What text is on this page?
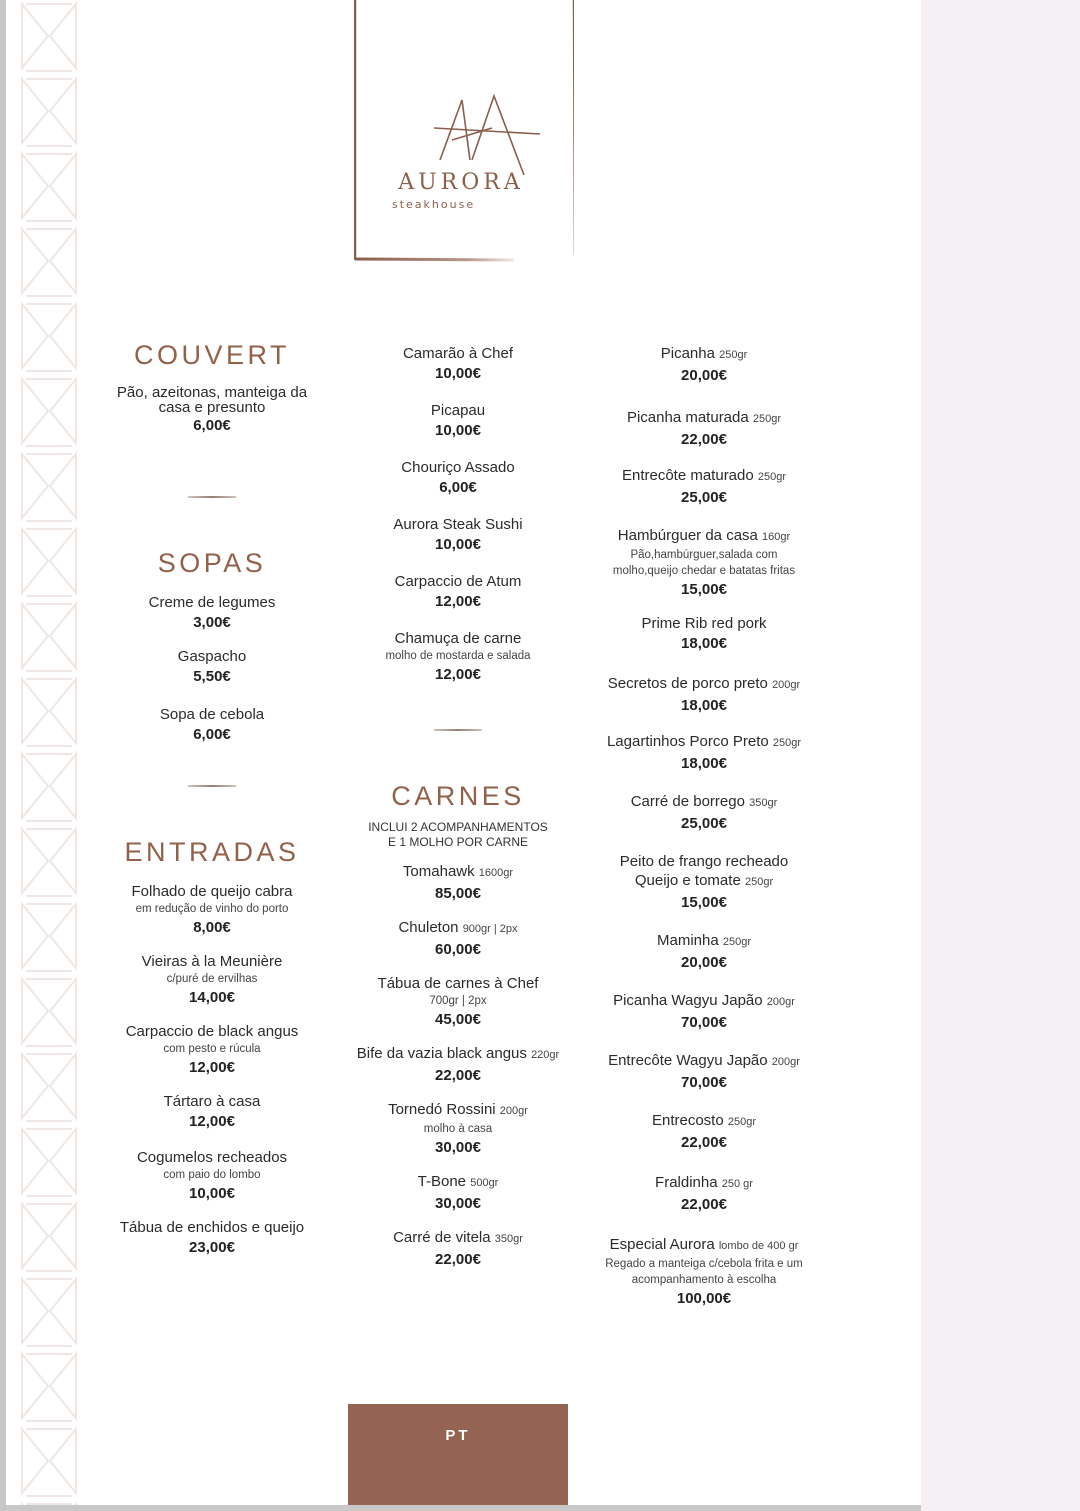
AURORA
steakhouse
COUVERT
Pão, azeitonas, manteiga da casa e presunto
6,00€
SOPAS
Creme de legumes
3,00€
Gaspacho
5,50€
Sopa de cebola
6,00€
ENTRADAS
Folhado de queijo cabra
em redução de vinho do porto
8,00€
Vieiras à la Meunière
c/puré de ervilhas
14,00€
Carpaccio de black angus
com pesto e rúcula
12,00€
Tártaro à casa
12,00€
Cogumelos recheados
com paio do lombo
10,00€
Tábua de enchidos e queijo
23,00€
Camarão à Chef
10,00€
Picapau
10,00€
Chouriço Assado
6,00€
Aurora Steak Sushi
10,00€
Carpaccio de Atum
12,00€
Chamuça de carne
molho de mostarda e salada
12,00€
CARNES
INCLUI 2 ACOMPANHAMENTOS
E 1 MOLHO POR CARNE
Tomahawk 1600gr
85,00€
Chuleton 900gr | 2px
60,00€
Tábua de carnes à Chef
700gr | 2px
45,00€
Bife da vazia black angus 220gr
22,00€
Tornedó Rossini 200gr
molho à casa
30,00€
T-Bone 500gr
30,00€
Carré de vitela 350gr
22,00€
Picanha 250gr
20,00€
Picanha maturada 250gr
22,00€
Entrecôte maturado 250gr
25,00€
Hambúrguer da casa 160gr
Pão,hambúrguer,salada com molho,queijo chedar e batatas fritas
15,00€
Prime Rib red pork
18,00€
Secretos de porco preto 200gr
18,00€
Lagartinhos Porco Preto 250gr
18,00€
Carré de borrego 350gr
25,00€
Peito de frango recheado
Queijo e tomate 250gr
15,00€
Maminha 250gr
20,00€
Picanha Wagyu Japão 200gr
70,00€
Entrecôte Wagyu Japão 200gr
70,00€
Entrecosto 250gr
22,00€
Fraldinha 250 gr
22,00€
Especial Aurora lombo de 400 gr
Regado a manteiga c/cebola frita e um acompanhamento à escolha
100,00€
PT
